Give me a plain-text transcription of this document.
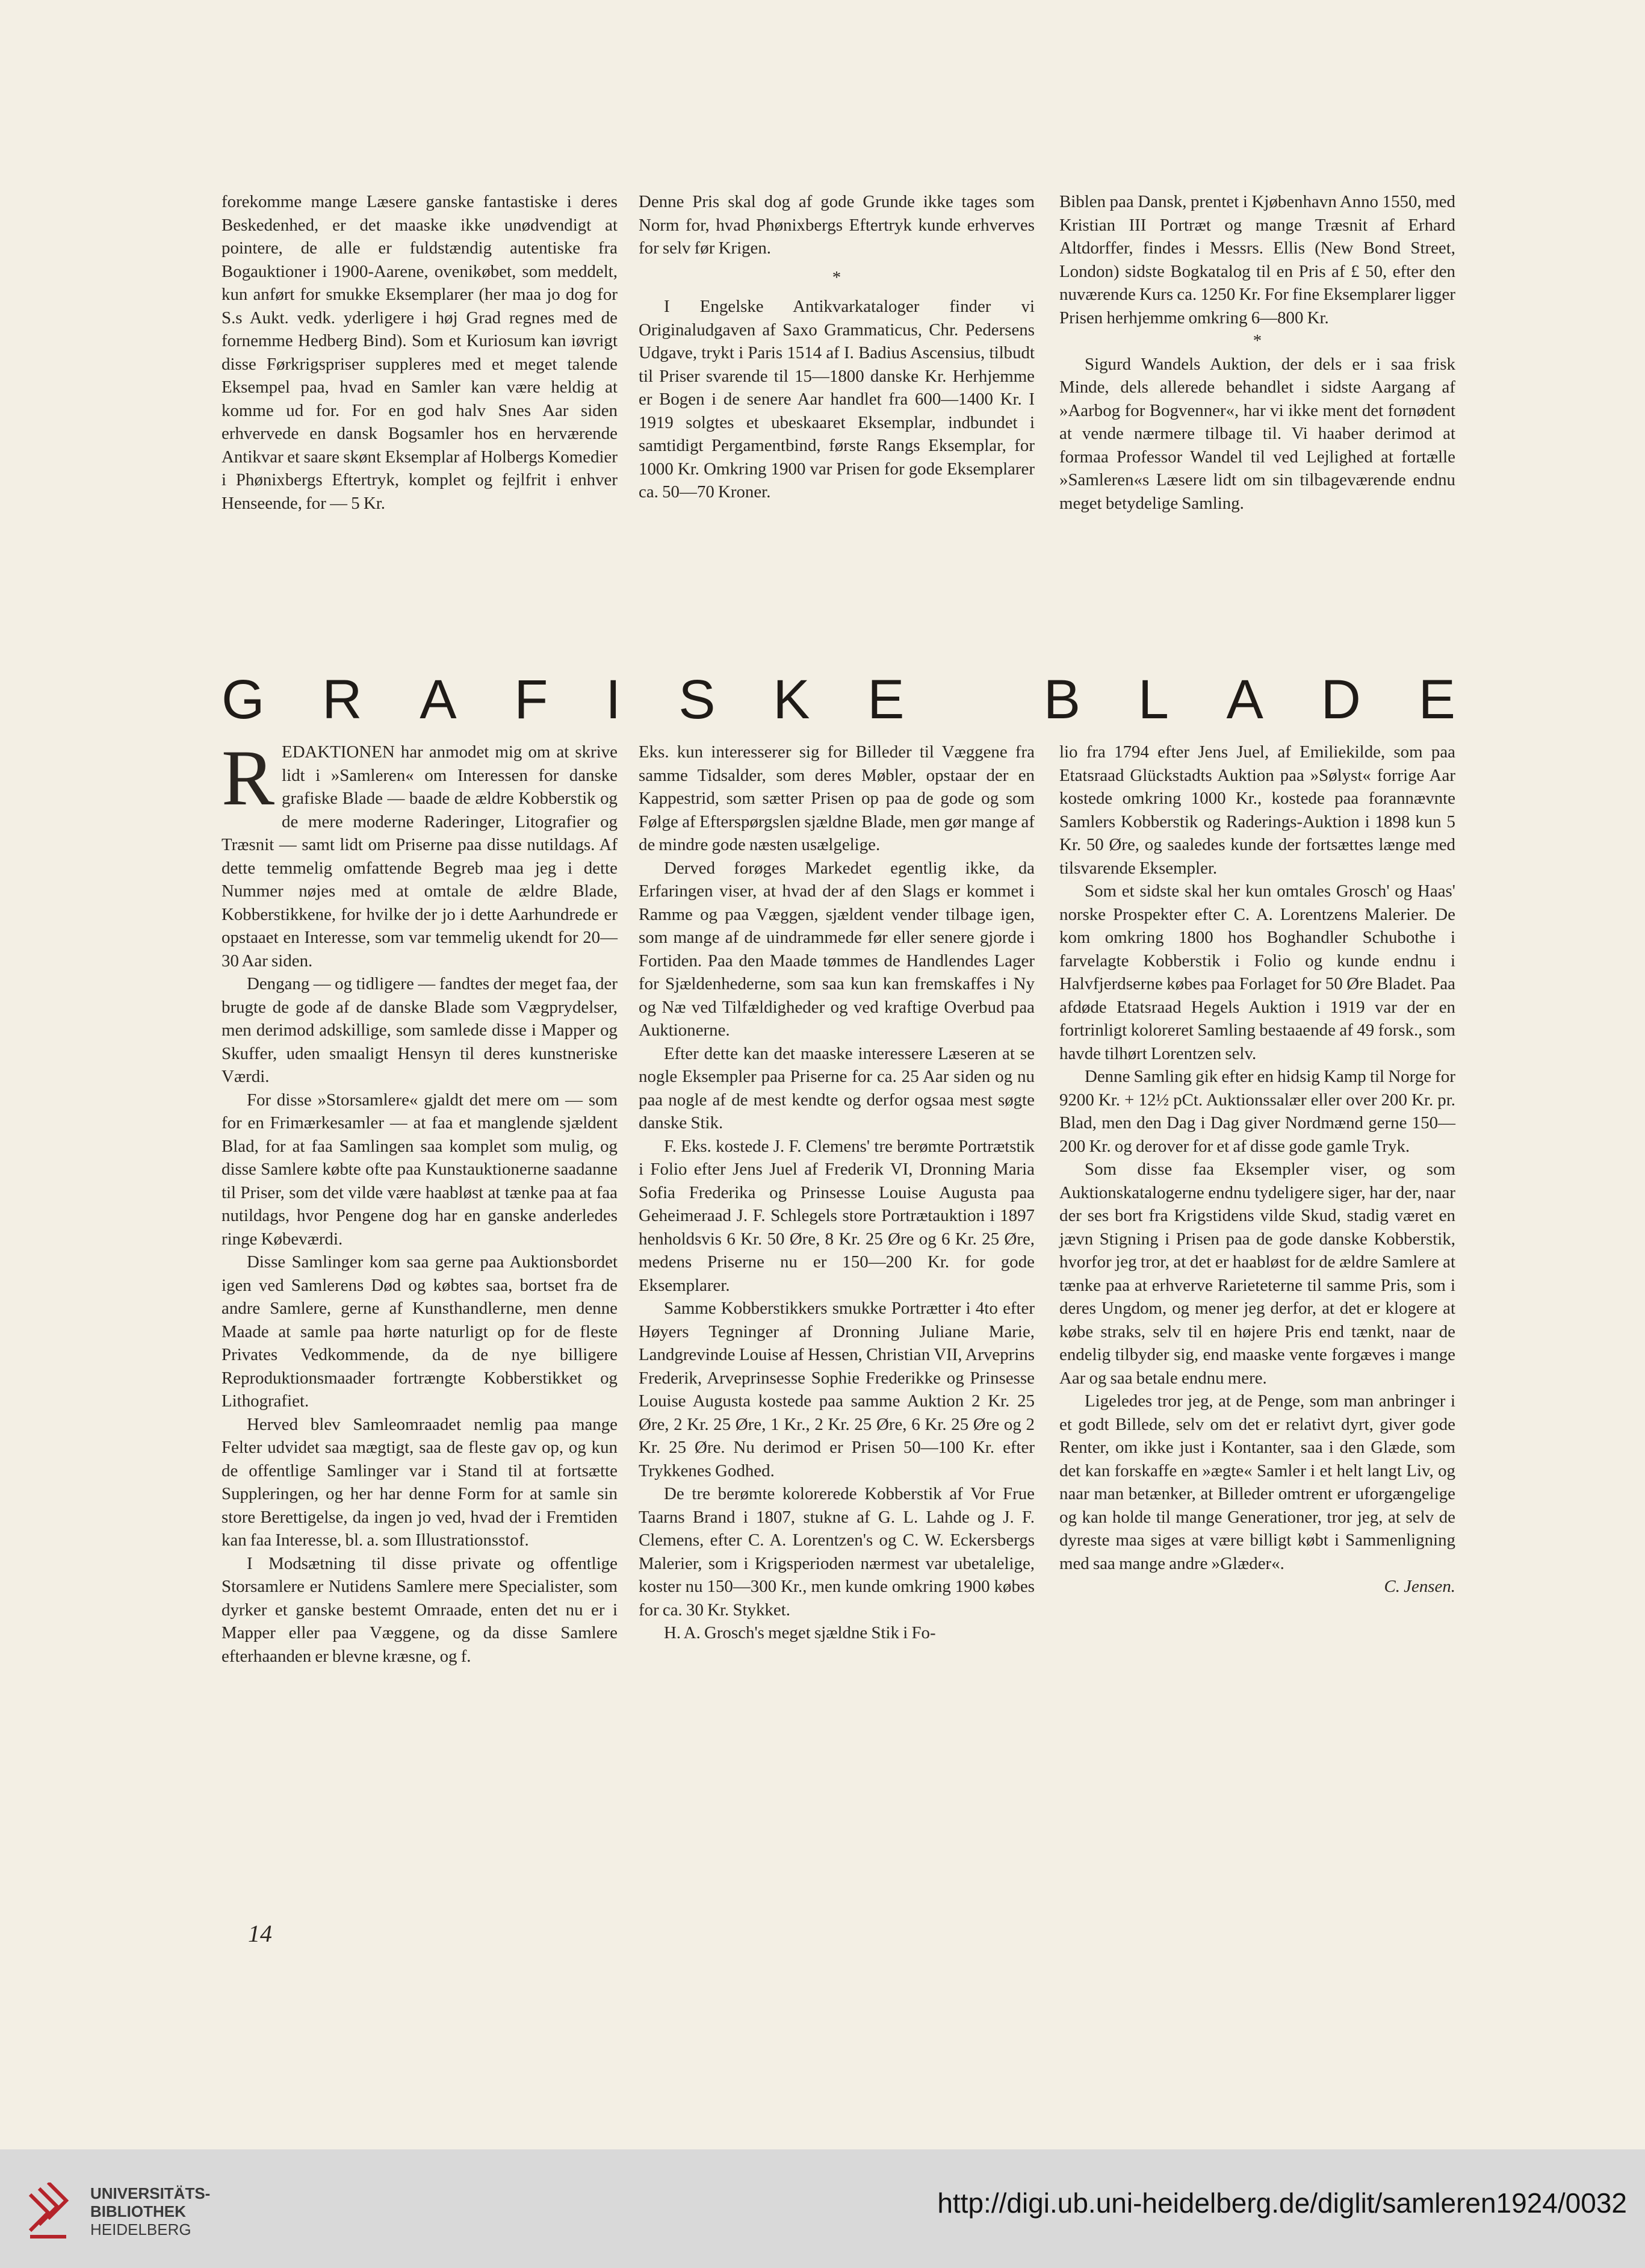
forekomme mange Læsere ganske fantastiske i deres Beskedenhed, er det maaske ikke unødvendigt at pointere, de alle er fuldstændig autentiske fra Bogauktioner i 1900-Aarene, ovenikøbet, som meddelt, kun anført for smukke Eksemplarer (her maa jo dog for S.s Aukt. vedk. yderligere i høj Grad regnes med de fornemme Hedberg Bind). Som et Kuriosum kan iøvrigt disse Førkrigspriser suppleres med et meget talende Eksempel paa, hvad en Samler kan være heldig at komme ud for. For en god halv Snes Aar siden erhvervede en dansk Bogsamler hos en herværende Antikvar et saare skønt Eksemplar af Holbergs Komedier i Phønixbergs Eftertryk, komplet og fejlfrit i enhver Henseende, for — 5 Kr.

Denne Pris skal dog af gode Grunde ikke tages som Norm for, hvad Phønixbergs Eftertryk kunde erhverves for selv før Krigen.

*

I Engelske Antikvarkataloger finder vi Originaludgaven af Saxo Grammaticus, Chr. Pedersens Udgave, trykt i Paris 1514 af I. Badius Ascensius, tilbudt til Priser svarende til 15—1800 danske Kr. Herhjemme er Bogen i de senere Aar handlet fra 600—1400 Kr. I 1919 solgtes et ubeskaaret Eksemplar, indbundet i samtidigt Pergamentbind, første Rangs Eksemplar, for 1000 Kr. Omkring 1900 var Prisen for gode Eksemplarer ca. 50—70 Kroner.

Biblen paa Dansk, prentet i Kjøbenhavn Anno 1550, med Kristian III Portræt og mange Træsnit af Erhard Altdorffer, findes i Messrs. Ellis (New Bond Street, London) sidste Bogkatalog til en Pris af £ 50, efter den nuværende Kurs ca. 1250 Kr. For fine Eksemplarer ligger Prisen herhjemme omkring 6—800 Kr.

*

Sigurd Wandels Auktion, der dels er i saa frisk Minde, dels allerede behandlet i sidste Aargang af »Aarbog for Bogvenner«, har vi ikke ment det fornødent at vende nærmere tilbage til. Vi haaber derimod at formaa Professor Wandel til ved Lejlighed at fortælle »Samleren«s Læsere lidt om sin tilbageværende endnu meget betydelige Samling.

G R A F I S K E	B L A D E

REDAKTIONEN har anmodet mig om at skrive lidt i »Samleren« om Interessen for danske grafiske Blade — baade de ældre Kobberstik og de mere moderne Raderinger, Litografier og Træsnit — samt lidt om Priserne paa disse nutildags. Af dette temmelig omfattende Begreb maa jeg i dette Nummer nøjes med at omtale de ældre Blade, Kobberstikkene, for hvilke der jo i dette Aarhundrede er opstaaet en Interesse, som var temmelig ukendt for 20—30 Aar siden.

Dengang — og tidligere — fandtes der meget faa, der brugte de gode af de danske Blade som Vægprydelser, men derimod adskillige, som samlede disse i Mapper og Skuffer, uden smaaligt Hensyn til deres kunstneriske Værdi.

For disse »Storsamlere« gjaldt det mere om — som for en Frimærkesamler — at faa et manglende sjældent Blad, for at faa Samlingen saa komplet som mulig, og disse Samlere købte ofte paa Kunstauktionerne saadanne til Priser, som det vilde være haabløst at tænke paa at faa nutildags, hvor Pengene dog har en ganske anderledes ringe Købeværdi.

Disse Samlinger kom saa gerne paa Auktionsbordet igen ved Samlerens Død og købtes saa, bortset fra de andre Samlere, gerne af Kunsthandlerne, men denne Maade at samle paa hørte naturligt op for de fleste Privates Vedkommende, da de nye billigere Reproduktionsmaader fortrængte Kobberstikket og Lithografiet.

Herved blev Samleomraadet nemlig paa mange Felter udvidet saa mægtigt, saa de fleste gav op, og kun de offentlige Samlinger var i Stand til at fortsætte Suppleringen, og her har denne Form for at samle sin store Berettigelse, da ingen jo ved, hvad der i Fremtiden kan faa Interesse, bl. a. som Illustrationsstof.

I Modsætning til disse private og offentlige Storsamlere er Nutidens Samlere mere Specialister, som dyrker et ganske bestemt Omraade, enten det nu er i Mapper eller paa Væggene, og da disse Samlere efterhaanden er blevne kræsne, og f.

Eks. kun interesserer sig for Billeder til Væggene fra samme Tidsalder, som deres Møbler, opstaar der en Kappestrid, som sætter Prisen op paa de gode og som Følge af Efterspørgslen sjældne Blade, men gør mange af de mindre gode næsten usælgelige.

Derved forøges Markedet egentlig ikke, da Erfaringen viser, at hvad der af den Slags er kommet i Ramme og paa Væggen, sjældent vender tilbage igen, som mange af de uindrammede før eller senere gjorde i Fortiden. Paa den Maade tømmes de Handlendes Lager for Sjældenhederne, som saa kun kan fremskaffes i Ny og Næ ved Tilfældigheder og ved kraftige Overbud paa Auktionerne.

Efter dette kan det maaske interessere Læseren at se nogle Eksempler paa Priserne for ca. 25 Aar siden og nu paa nogle af de mest kendte og derfor ogsaa mest søgte danske Stik.

F. Eks. kostede J. F. Clemens' tre berømte Portrætstik i Folio efter Jens Juel af Frederik VI, Dronning Maria Sofia Frederika og Prinsesse Louise Augusta paa Geheimeraad J. F. Schlegels store Portrætauktion i 1897 henholdsvis 6 Kr. 50 Øre, 8 Kr. 25 Øre og 6 Kr. 25 Øre, medens Priserne nu er 150—200 Kr. for gode Eksemplarer.

Samme Kobberstikkers smukke Portrætter i 4to efter Høyers Tegninger af Dronning Juliane Marie, Landgrevinde Louise af Hessen, Christian VII, Arveprins Frederik, Arveprinsesse Sophie Frederikke og Prinsesse Louise Augusta kostede paa samme Auktion 2 Kr. 25 Øre, 2 Kr. 25 Øre, 1 Kr., 2 Kr. 25 Øre, 6 Kr. 25 Øre og 2 Kr. 25 Øre. Nu derimod er Prisen 50—100 Kr. efter Trykkenes Godhed.

De tre berømte kolorerede Kobberstik af Vor Frue Taarns Brand i 1807, stukne af G. L. Lahde og J. F. Clemens, efter C. A. Lorentzen's og C. W. Eckersbergs Malerier, som i Krigsperioden nærmest var ubetalelige, koster nu 150—300 Kr., men kunde omkring 1900 købes for ca. 30 Kr. Stykket.

H. A. Grosch's meget sjældne Stik i Fo-

lio fra 1794 efter Jens Juel, af Emiliekilde, som paa Etatsraad Glückstadts Auktion paa »Sølyst« forrige Aar kostede omkring 1000 Kr., kostede paa forannævnte Samlers Kobberstik og Raderings-Auktion i 1898 kun 5 Kr. 50 Øre, og saaledes kunde der fortsættes længe med tilsvarende Eksempler.

Som et sidste skal her kun omtales Grosch' og Haas' norske Prospekter efter C. A. Lorentzens Malerier. De kom omkring 1800 hos Boghandler Schubothe i farvelagte Kobberstik i Folio og kunde endnu i Halvfjerdserne købes paa Forlaget for 50 Øre Bladet. Paa afdøde Etatsraad Hegels Auktion i 1919 var der en fortrinligt koloreret Samling bestaaende af 49 forsk., som havde tilhørt Lorentzen selv.

Denne Samling gik efter en hidsig Kamp til Norge for 9200 Kr. + 12½ pCt. Auktionssalær eller over 200 Kr. pr. Blad, men den Dag i Dag giver Nordmænd gerne 150—200 Kr. og derover for et af disse gode gamle Tryk.

Som disse faa Eksempler viser, og som Auktionskatalogerne endnu tydeligere siger, har der, naar der ses bort fra Krigstidens vilde Skud, stadig været en jævn Stigning i Prisen paa de gode danske Kobberstik, hvorfor jeg tror, at det er haabløst for de ældre Samlere at tænke paa at erhverve Rarieteterne til samme Pris, som i deres Ungdom, og mener jeg derfor, at det er klogere at købe straks, selv til en højere Pris end tænkt, naar de endelig tilbyder sig, end maaske vente forgæves i mange Aar og saa betale endnu mere.

Ligeledes tror jeg, at de Penge, som man anbringer i et godt Billede, selv om det er relativt dyrt, giver gode Renter, om ikke just i Kontanter, saa i den Glæde, som det kan forskaffe en »ægte« Samler i et helt langt Liv, og naar man betænker, at Billeder omtrent er uforgængelige og kan holde til mange Generationer, tror jeg, at selv de dyreste maa siges at være billigt købt i Sammenligning med saa mange andre »Glæder«.

C. Jensen.

14
UNIVERSITÄTS-
BIBLIOTHEK
HEIDELBERG
http://digi.ub.uni-heidelberg.de/diglit/samleren1924/0032
